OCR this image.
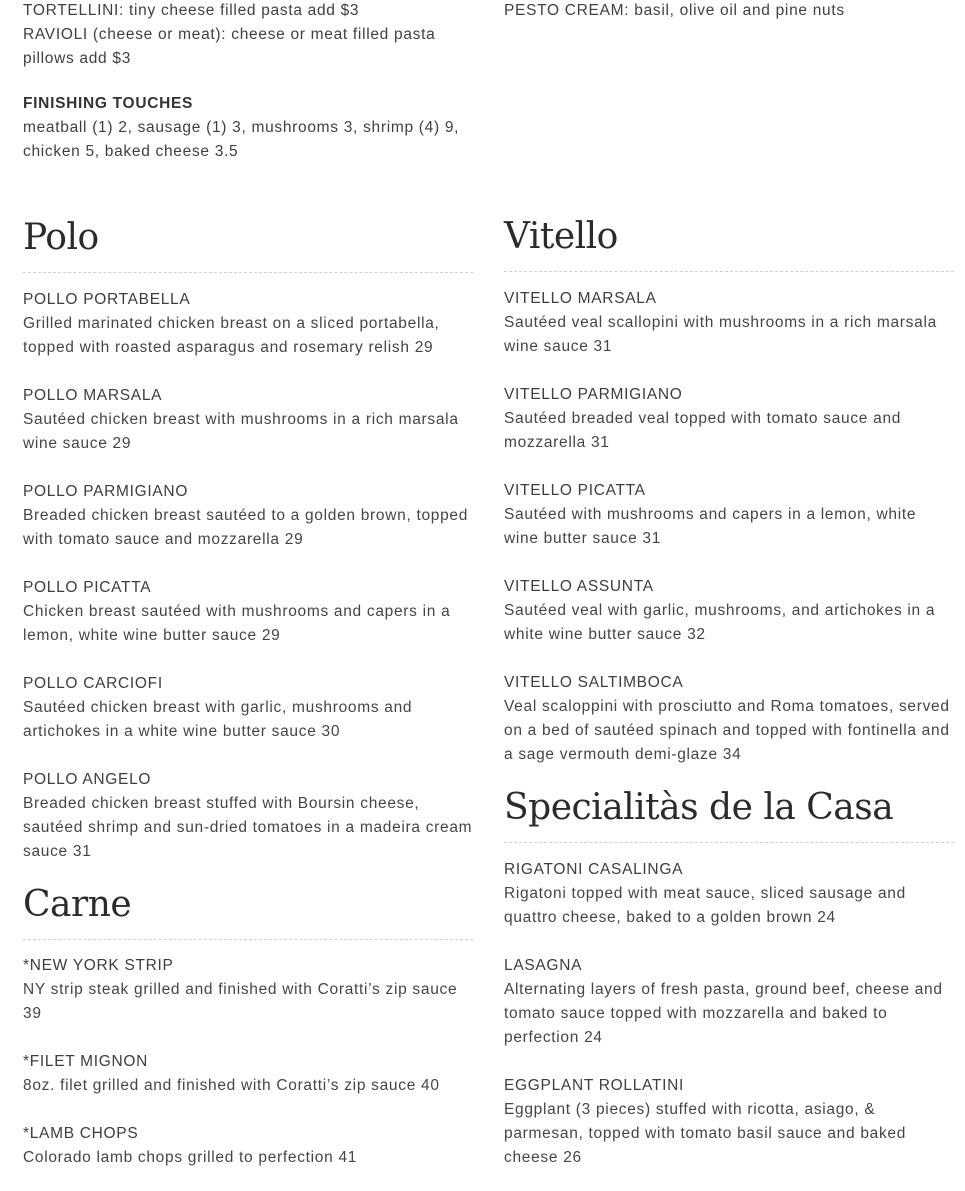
TORTELLINI: tiny cheese filled pasta add $3
RAVIOLI (cheese or meat): cheese or meat filled pasta pillows add $3
FINISHING TOUCHES
meatball (1) 2, sausage (1) 3, mushrooms 3, shrimp (4) 9, chicken 5, baked cheese 3.5
Polo
POLLO PORTABELLA
Grilled marinated chicken breast on a sliced portabella, topped with roasted asparagus and rosemary relish 29
POLLO MARSALA
Sautéed chicken breast with mushrooms in a rich marsala wine sauce 29
POLLO PARMIGIANO
Breaded chicken breast sautéed to a golden brown, topped with tomato sauce and mozzarella 29
POLLO PICATTA
Chicken breast sautéed with mushrooms and capers in a lemon, white wine butter sauce 29
POLLO CARCIOFI
Sautéed chicken breast with garlic, mushrooms and artichokes in a white wine butter sauce 30
POLLO ANGELO
Breaded chicken breast stuffed with Boursin cheese, sautéed shrimp and sun-dried tomatoes in a madeira cream sauce 31
Carne
*NEW YORK STRIP
NY strip steak grilled and finished with Coratti’s zip sauce 39
*FILET MIGNON
8oz. filet grilled and finished with Coratti’s zip sauce 40
*LAMB CHOPS
Colorado lamb chops grilled to perfection 41
PESTO CREAM: basil, olive oil and pine nuts
Vitello
VITELLO MARSALA
Sautéed veal scallopini with mushrooms in a rich marsala wine sauce 31
VITELLO PARMIGIANO
Sautéed breaded veal topped with tomato sauce and mozzarella 31
VITELLO PICATTA
Sautéed with mushrooms and capers in a lemon, white wine butter sauce 31
VITELLO ASSUNTA
Sautéed veal with garlic, mushrooms, and artichokes in a white wine butter sauce 32
VITELLO SALTIMBOCA
Veal scaloppini with prosciutto and Roma tomatoes, served on a bed of sautéed spinach and topped with fontinella and a sage vermouth demi-glaze 34
Specialitàs de la Casa
RIGATONI CASALINGA
Rigatoni topped with meat sauce, sliced sausage and quattro cheese, baked to a golden brown 24
LASAGNA
Alternating layers of fresh pasta, ground beef, cheese and tomato sauce topped with mozzarella and baked to perfection 24
EGGPLANT ROLLATINI
Eggplant (3 pieces) stuffed with ricotta, asiago, & parmesan, topped with tomato basil sauce and baked cheese 26
